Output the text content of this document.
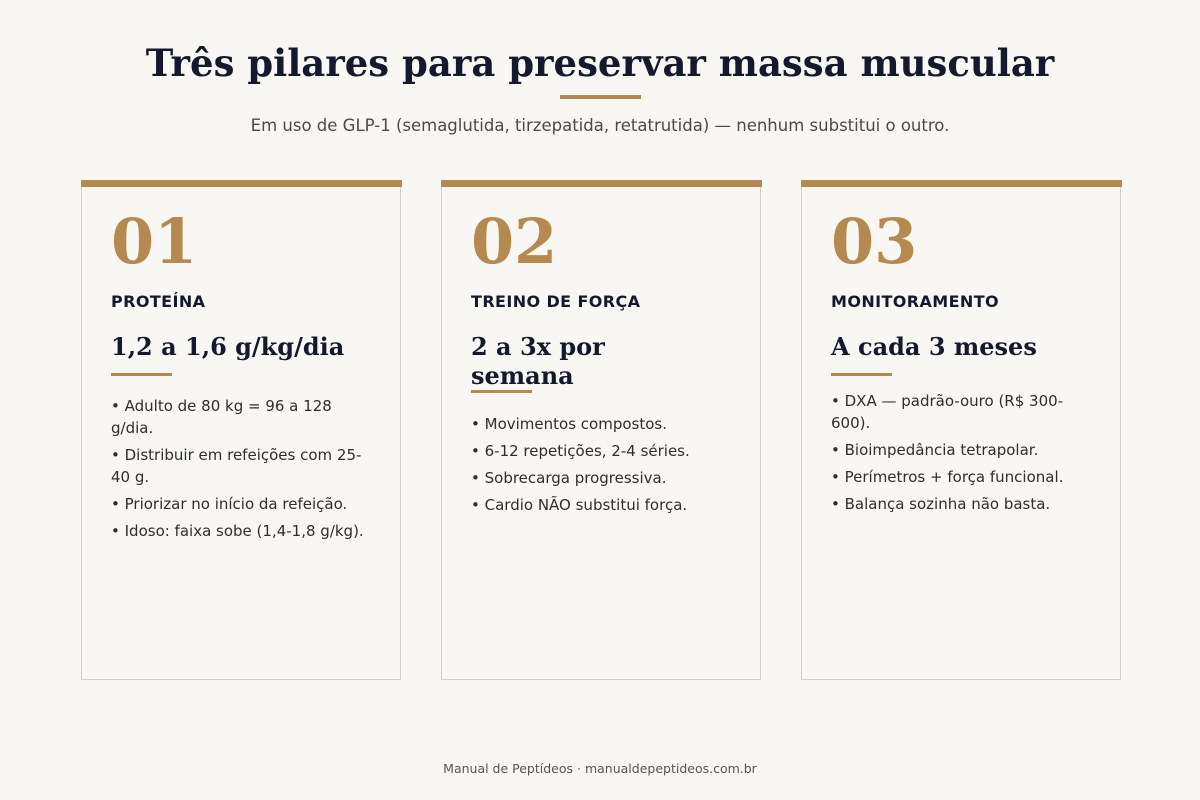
Três pilares para preservar massa muscular

Em uso de GLP-1 (semaglutida, tirzepatida, retatrutida) — nenhum substitui o outro.

01
PROTEÍNA
1,2 a 1,6 g/kg/dia
• Adulto de 80 kg = 96 a 128 g/dia.
• Distribuir em refeições com 25-40 g.
• Priorizar no início da refeição.
• Idoso: faixa sobe (1,4-1,8 g/kg).
02
TREINO DE FORÇA
2 a 3x por semana
• Movimentos compostos.
• 6-12 repetições, 2-4 séries.
• Sobrecarga progressiva.
• Cardio NÃO substitui força.
03
MONITORAMENTO
A cada 3 meses
• DXA — padrão-ouro (R$ 300-600).
• Bioimpedância tetrapolar.
• Perímetros + força funcional.
• Balança sozinha não basta.
Manual de Peptídeos · manualdepeptideos.com.br
